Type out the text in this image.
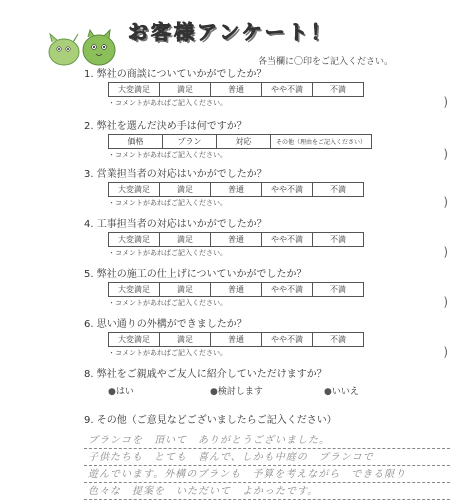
お客様アンケート！
各当欄に〇印をご記入ください。
1. 弊社の商談についていかがでしたか？
大変満足	満足	普通	やや不満	不満
・コメントがあればご記入ください。	)
2. 弊社を選んだ決め手は何ですか？
価格	プラン	対応	その他（理由をご記入ください）
・コメントがあればご記入ください。	)
3. 営業担当者の対応はいかがでしたか？
大変満足	満足	普通	やや不満	不満
・コメントがあればご記入ください。	)
4. 工事担当者の対応はいかがでしたか？
大変満足	満足	普通	やや不満	不満
・コメントがあればご記入ください。	)
5. 弊社の施工の仕上げについていかがでしたか？
大変満足	満足	普通	やや不満	不満
・コメントがあればご記入ください。	)
6. 思い通りの外構ができましたか？
大変満足	満足	普通	やや不満	不満
・コメントがあればご記入ください。	)
8. 弊社をご親戚やご友人に紹介していただけますか？
●はい	●検討します	●いいえ
9. その他（ご意見などございましたらご記入ください）
ブランコを　頂いて　ありがとうございました。
子供たちも　とても　喜んで、しかも中庭の　ブランコで
遊んでいます。外構のプランも　予算を考えながら　できる限り
色々な　提案を　いただいて　よかったです。
